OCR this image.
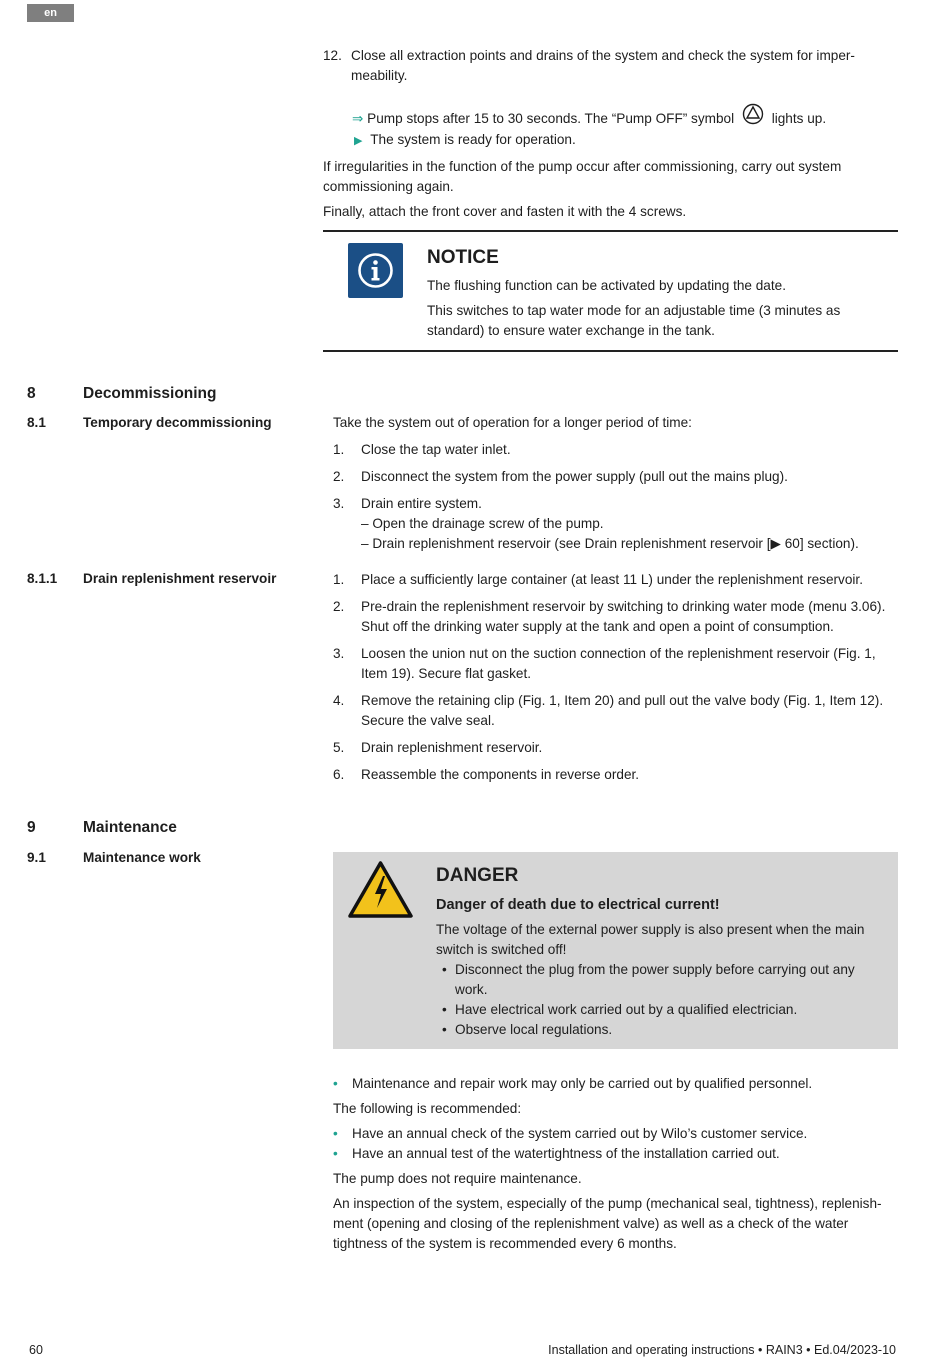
en
12. Close all extraction points and drains of the system and check the system for imper-meability.

⇒ Pump stops after 15 to 30 seconds. The “Pump OFF” symbol	lights up.
▶ The system is ready for operation.

If irregularities in the function of the pump occur after commissioning, carry out system commissioning again.

Finally, attach the front cover and fasten it with the 4 screws.

NOTICE

The flushing function can be activated by updating the date.

This switches to tap water mode for an adjustable time (3 minutes as standard) to ensure water exchange in the tank.

8	Decommissioning
8.1	Temporary decommissioning	Take the system out of operation for a longer period of time:

1. Close the tap water inlet.
2. Disconnect the system from the power supply (pull out the mains plug).
3. Drain entire system.
– Open the drainage screw of the pump.
– Drain replenishment reservoir (see Drain replenishment reservoir [▶ 60] section).
8.1.1 Drain replenishment reservoir	1. Place a sufficiently large container (at least 11 L) under the replenishment reservoir.
2. Pre-drain the replenishment reservoir by switching to drinking water mode (menu 3.06). Shut off the drinking water supply at the tank and open a point of consumption.
3. Loosen the union nut on the suction connection of the replenishment reservoir (Fig. 1, Item 19). Secure flat gasket.
4. Remove the retaining clip (Fig. 1, Item 20) and pull out the valve body (Fig. 1, Item 12). Secure the valve seal.
5. Drain replenishment reservoir.
6. Reassemble the components in reverse order.
9	Maintenance
9.1	Maintenance work
DANGER
Danger of death due to electrical current!

The voltage of the external power supply is also present when the main switch is switched off!

• Disconnect the plug from the power supply before carrying out any work.
• Have electrical work carried out by a qualified electrician.
• Observe local regulations.
• Maintenance and repair work may only be carried out by qualified personnel.

The following is recommended:

• Have an annual check of the system carried out by Wilo’s customer service.
• Have an annual test of the watertightness of the installation carried out.

The pump does not require maintenance.

An inspection of the system, especially of the pump (mechanical seal, tightness), replenish-ment (opening and closing of the replenishment valve) as well as a check of the water tightness of the system is recommended every 6 months.

60	Installation and operating instructions • RAIN3 • Ed.04/2023-10
